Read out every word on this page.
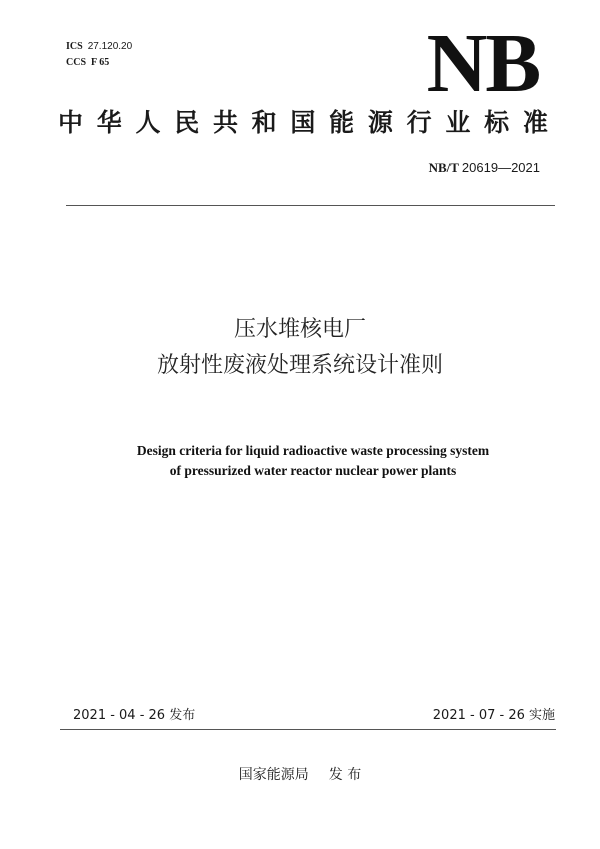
ICS 27.120.20
CCS F 65	NB
中 华 人 民 共 和 国 能 源 行 业 标 准
NB/T 20619—2021
压水堆核电厂
放射性废液处理系统设计准则
Design criteria for liquid radioactive waste processing system
of pressurized water reactor nuclear power plants
2021 - 04 - 26 发布	2021 - 07 - 26 实施
国家能源局 发 布
